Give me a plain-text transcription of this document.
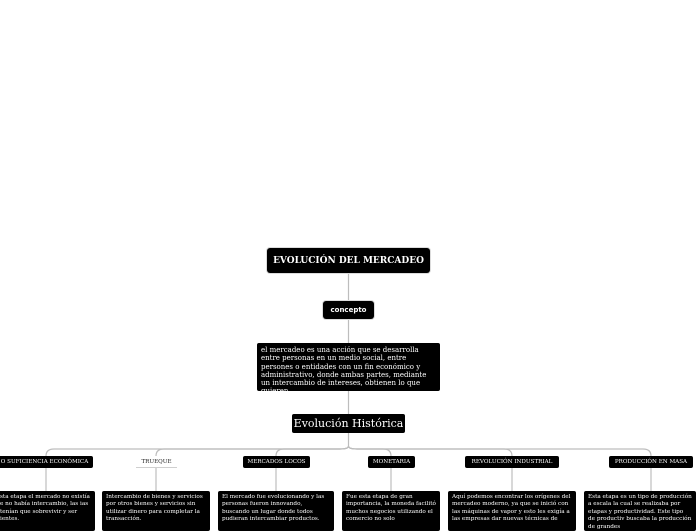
EVOLUCIÓN DEL MERCADEO
concepto
el mercadeo es una acción que se desarrolla entre personas en un medio social, entre persones o entidades con un fin económico y administrativo, donde ambas partes, mediante un intercambio de intereses, obtienen lo que quieren.
Evolución Histórica
O SUFICIENCIA ECONÓMICA	TRUEQUE	MERCADOS LOCOS	MONETARIA	REVOLUCIÓN INDUSTRIAL	PRODUCCIÓN EN MASA
sta etapa el mercado no existía e no había intercambio, las ias tenían que sobrevivir y ser ientes.
Intercambio de bienes y servicios por otros bienes y servicios sin utilizar dinero para completar la transacción.
El mercado fue evolucionando y las personas fueron innovando, buscando un lugar donde todos pudieran intercambiar productos.
Fue esta etapa de gran importancia, la moneda facilitó muchos negocios utilizando el comercio no solo
Aquí podemos encontrar los orígenes del mercadeo moderno, ya que se inició con las máquinas de vapor y esto les exigía a las empresas dar nuevas técnicas de
Esta etapa es un tipo de producción a escala la cual se realizaba por etapas y productividad. Este tipo de productiv buscaba la producción de grandes
